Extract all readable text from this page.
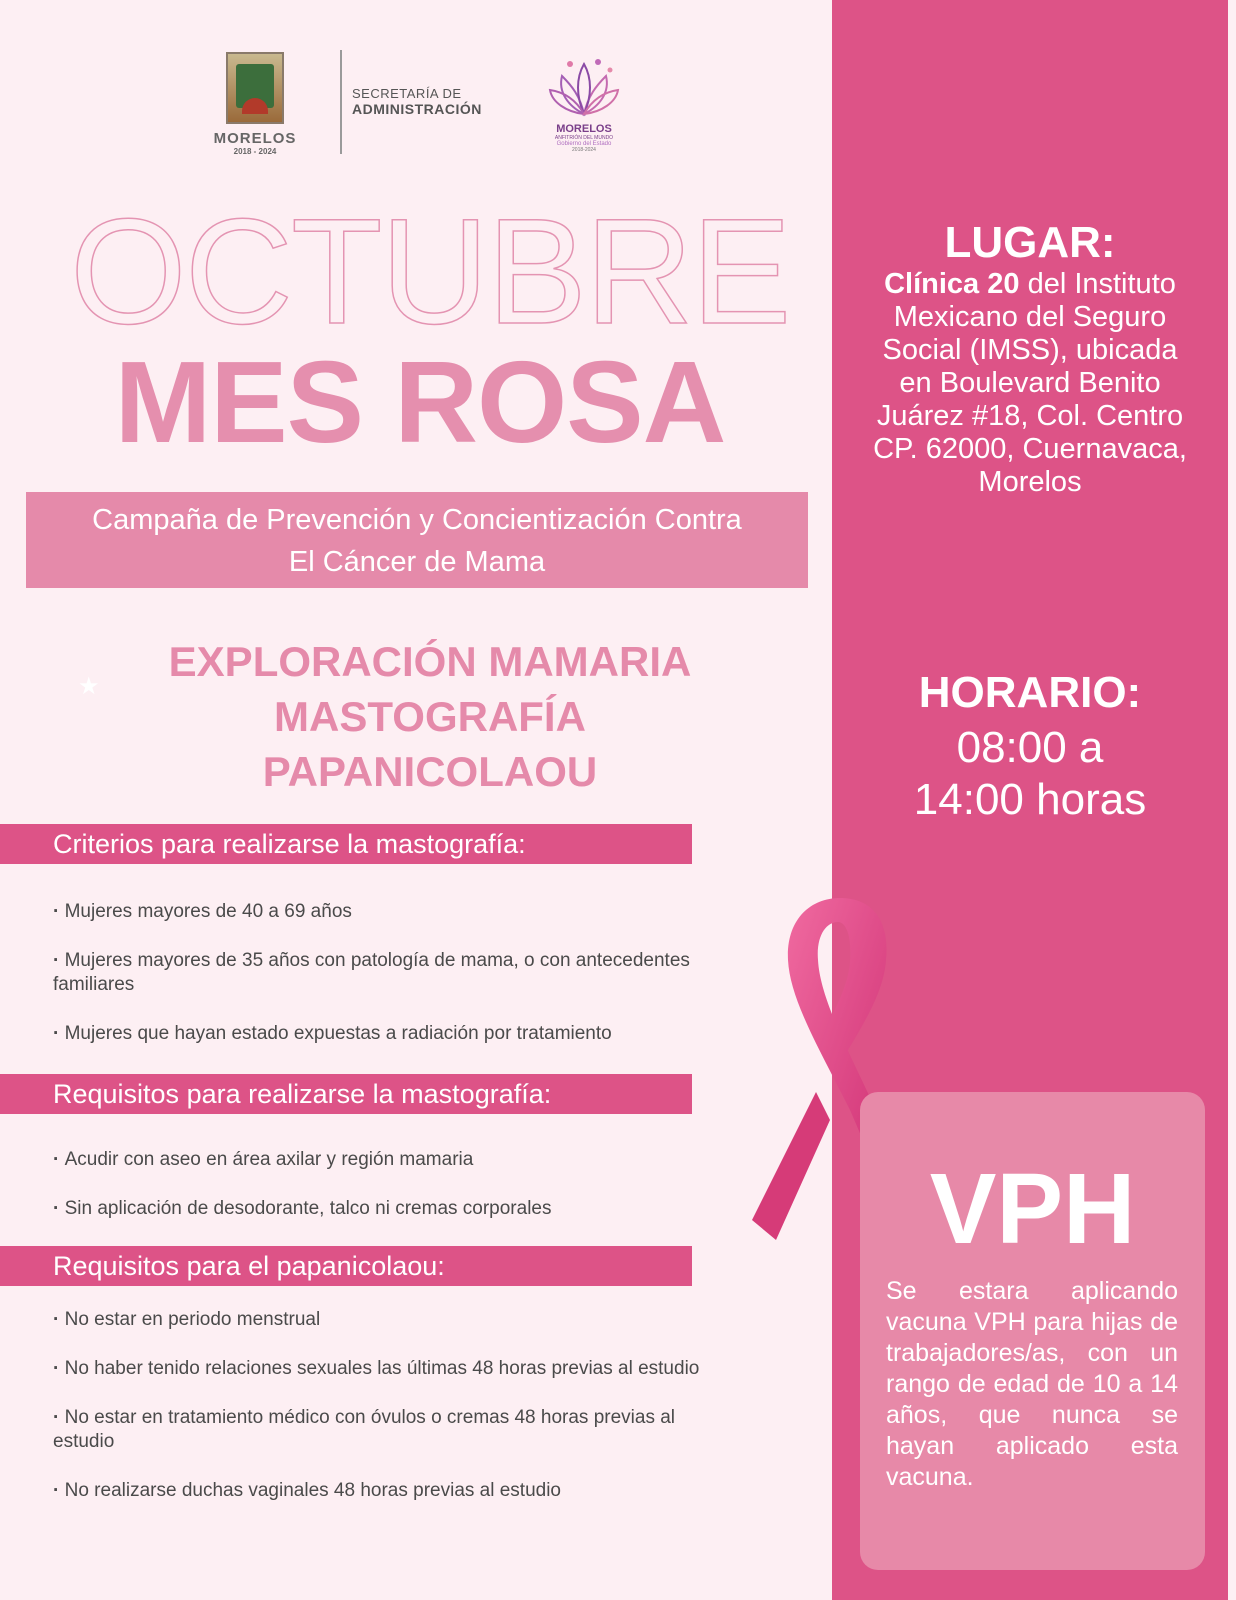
MORELOS
2018 - 2024
SECRETARÍA DE
ADMINISTRACIÓN
MORELOS
ANFITRIÓN DEL MUNDO
Gobierno del Estado
2018-2024
OCTUBRE
MES ROSA
Campaña de Prevención y Concientización Contra
El Cáncer de Mama
★
EXPLORACIÓN MAMARIA
MASTOGRAFÍA
PAPANICOLAOU
Criterios para realizarse la mastografía:
· Mujeres mayores de 40 a 69 años
· Mujeres mayores de 35 años con patología de mama, o con antecedentes familiares
· Mujeres que hayan estado expuestas a radiación por tratamiento
Requisitos para realizarse la mastografía:
· Acudir con aseo en área axilar y región mamaria
· Sin aplicación de desodorante, talco ni cremas corporales
Requisitos para el papanicolaou:
· No estar en periodo menstrual
· No haber tenido relaciones sexuales las últimas 48 horas previas al estudio
· No estar en tratamiento médico con óvulos o cremas 48 horas previas al estudio
· No realizarse duchas vaginales 48 horas previas al estudio
LUGAR:
Clínica 20 del Instituto Mexicano del Seguro Social (IMSS), ubicada en Boulevard Benito Juárez #18, Col. Centro CP. 62000, Cuernavaca, Morelos
HORARIO:
08:00 a
14:00 horas
VPH
Se estara aplicando vacuna VPH para hijas de trabajadores/as, con un rango de edad de 10 a 14 años, que nunca se hayan aplicado esta vacuna.
